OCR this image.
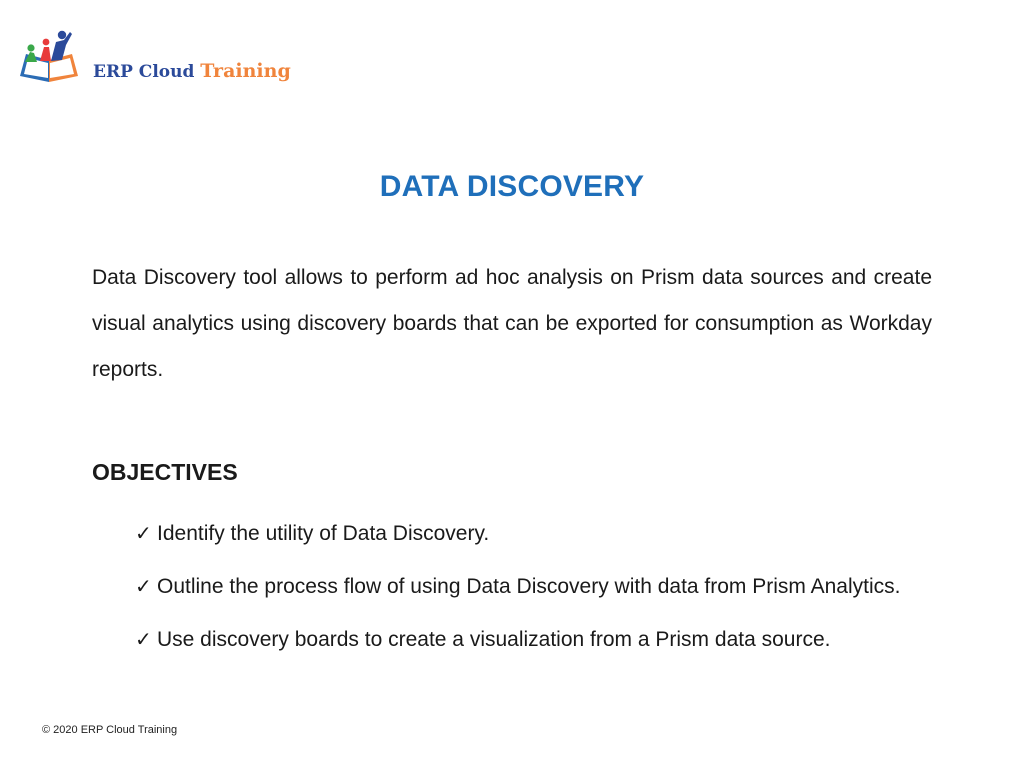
ERP Cloud Training
DATA DISCOVERY

Data Discovery tool allows to perform ad hoc analysis on Prism data sources and create visual analytics using discovery boards that can be exported for consumption as Workday reports.

OBJECTIVES
✓ Identify the utility of Data Discovery.
✓ Outline the process flow of using Data Discovery with data from Prism Analytics.
✓ Use discovery boards to create a visualization from a Prism data source.
© 2020 ERP Cloud Training
